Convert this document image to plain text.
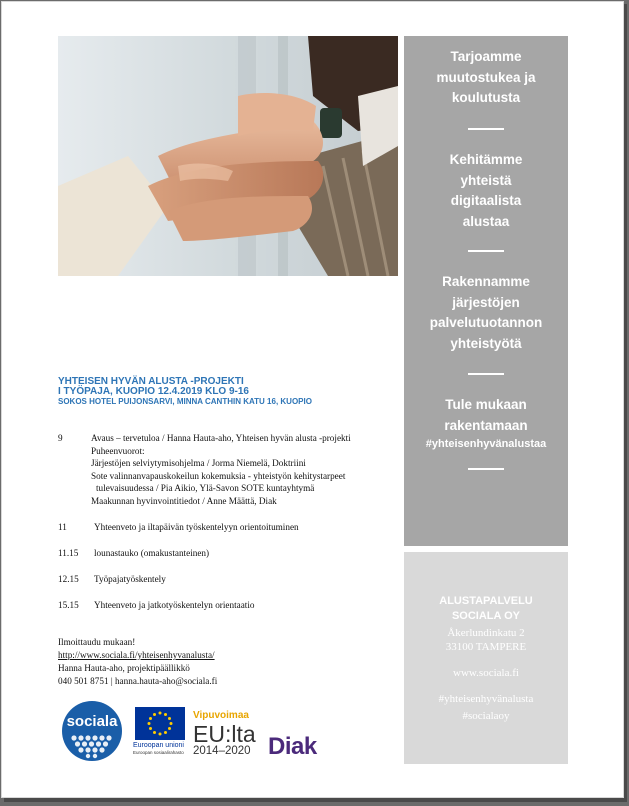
Tarjoamme
muutostukea ja
koulutusta
Kehitämme
yhteistä
digitaalista
alustaa
Rakennamme
järjestöjen
palvelutuotannon
yhteistyötä
Tule mukaan
rakentamaan
#yhteisenhyvänalustaa
ALUSTAPALVELU
SOCIALA OY
Åkerlundinkatu 2
33100 TAMPERE
www.sociala.fi
#yhteisenhyvänalusta
#socialaoy
YHTEISEN HYVÄN ALUSTA -PROJEKTI
I TYÖPAJA, KUOPIO 12.4.2019 KLO 9-16
SOKOS HOTEL PUIJONSARVI, MINNA CANTHIN KATU 16, KUOPIO
9	Avaus – tervetuloa / Hanna Hauta-aho, Yhteisen hyvän alusta -projekti
Puheenvuorot:
Järjestöjen selviytymisohjelma / Jorma Niemelä, Doktriini
Sote valinnanvapauskokeilun kokemuksia - yhteistyön kehitystarpeet
tulevaisuudessa / Pia Aikio, Ylä-Savon SOTE kuntayhtymä
Maakunnan hyvinvointitiedot / Anne Määttä, Diak
11	Yhteenveto ja iltapäivän työskentelyyn orientoituminen
11.15 lounastauko (omakustanteinen)
12.15 Työpajatyöskentely
15.15 Yhteenveto ja jatkotyöskentelyn orientaatio
Ilmoittaudu mukaan!
http://www.sociala.fi/yhteisenhyvanalusta/
Hanna Hauta-aho, projektipäällikkö
040 501 8751 | hanna.hauta-aho@sociala.fi
sociala
Euroopan unioni
Euroopan sosiaalirahasto
Vipuvoimaa
EU:lta
2014–2020 Diak
